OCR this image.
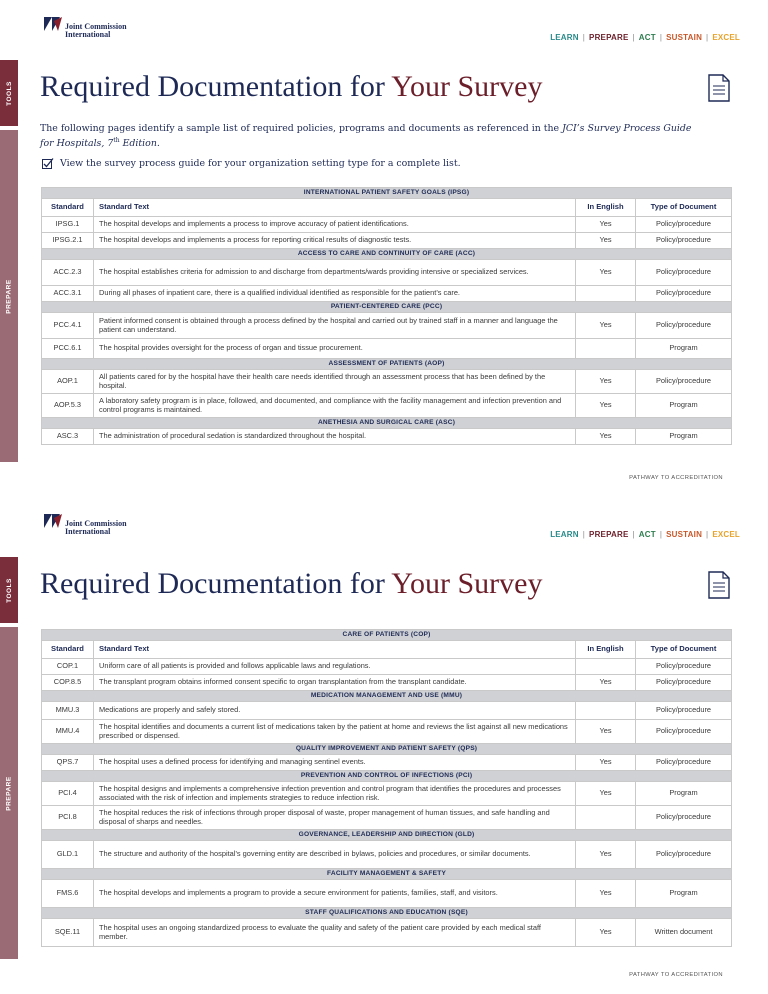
Joint Commission
International	LEARN | PREPARE | ACT | SUSTAIN | EXCEL
TOOLS
PREPARE
Required Documentation for Your Survey
The following pages identify a sample list of required policies, programs and documents as referenced in the JCI’s Survey Process Guide for Hospitals, 7th Edition.
View the survey process guide for your organization setting type for a complete list.
INTERNATIONAL PATIENT SAFETY GOALS (IPSG)			
Standard	Standard Text	In English	Type of Document
IPSG.1	The hospital develops and implements a process to improve accuracy of patient identifications.	Yes	Policy/procedure
IPSG.2.1	The hospital develops and implements a process for reporting critical results of diagnostic tests.	Yes	Policy/procedure
ACCESS TO CARE AND CONTINUITY OF CARE (ACC)			
ACC.2.3	The hospital establishes criteria for admission to and discharge from departments/wards providing intensive or specialized services.	Yes	Policy/procedure
ACC.3.1	During all phases of inpatient care, there is a qualified individual identified as responsible for the patient’s care.		Policy/procedure
PATIENT-CENTERED CARE (PCC)			
PCC.4.1	Patient informed consent is obtained through a process defined by the hospital and carried out by trained staff in a manner and language the patient can understand.	Yes	Policy/procedure
PCC.6.1	The hospital provides oversight for the process of organ and tissue procurement.		Program
ASSESSMENT OF PATIENTS (AOP)			
AOP.1	All patients cared for by the hospital have their health care needs identified through an assessment process that has been defined by the hospital.	Yes	Policy/procedure
AOP.5.3	A laboratory safety program is in place, followed, and documented, and compliance with the facility management and infection prevention and control programs is maintained.	Yes	Program
ANETHESIA AND SURGICAL CARE (ASC)			
ASC.3	The administration of procedural sedation is standardized throughout the hospital.	Yes	Program
PATHWAY TO ACCREDITATION
Joint Commission
International	LEARN | PREPARE | ACT | SUSTAIN | EXCEL
TOOLS
PREPARE
Required Documentation for Your Survey
CARE OF PATIENTS (COP)			
Standard	Standard Text	In English	Type of Document
COP.1	Uniform care of all patients is provided and follows applicable laws and regulations.		Policy/procedure
COP.8.5	The transplant program obtains informed consent specific to organ transplantation from the transplant candidate.	Yes	Policy/procedure
MEDICATION MANAGEMENT AND USE (MMU)			
MMU.3	Medications are properly and safely stored.		Policy/procedure
MMU.4	The hospital identifies and documents a current list of medications taken by the patient at home and reviews the list against all new medications prescribed or dispensed.	Yes	Policy/procedure
QUALITY IMPROVEMENT AND PATIENT SAFETY (QPS)			
QPS.7	The hospital uses a defined process for identifying and managing sentinel events.	Yes	Policy/procedure
PREVENTION AND CONTROL OF INFECTIONS (PCI)			
PCI.4	The hospital designs and implements a comprehensive infection prevention and control program that identifies the procedures and processes associated with the risk of infection and implements strategies to reduce infection risk.	Yes	Program
PCI.8	The hospital reduces the risk of infections through proper disposal of waste, proper management of human tissues, and safe handling and disposal of sharps and needles.		Policy/procedure
GOVERNANCE, LEADERSHIP AND DIRECTION (GLD)			
GLD.1	The structure and authority of the hospital’s governing entity are described in bylaws, policies and procedures, or similar documents.	Yes	Policy/procedure
FACILITY MANAGEMENT & SAFETY			
FMS.6	The hospital develops and implements a program to provide a secure environment for patients, families, staff, and visitors.	Yes	Program
STAFF QUALIFICATIONS AND EDUCATION (SQE)			
SQE.11	The hospital uses an ongoing standardized process to evaluate the quality and safety of the patient care provided by each medical staff member.	Yes	Written document
PATHWAY TO ACCREDITATION
